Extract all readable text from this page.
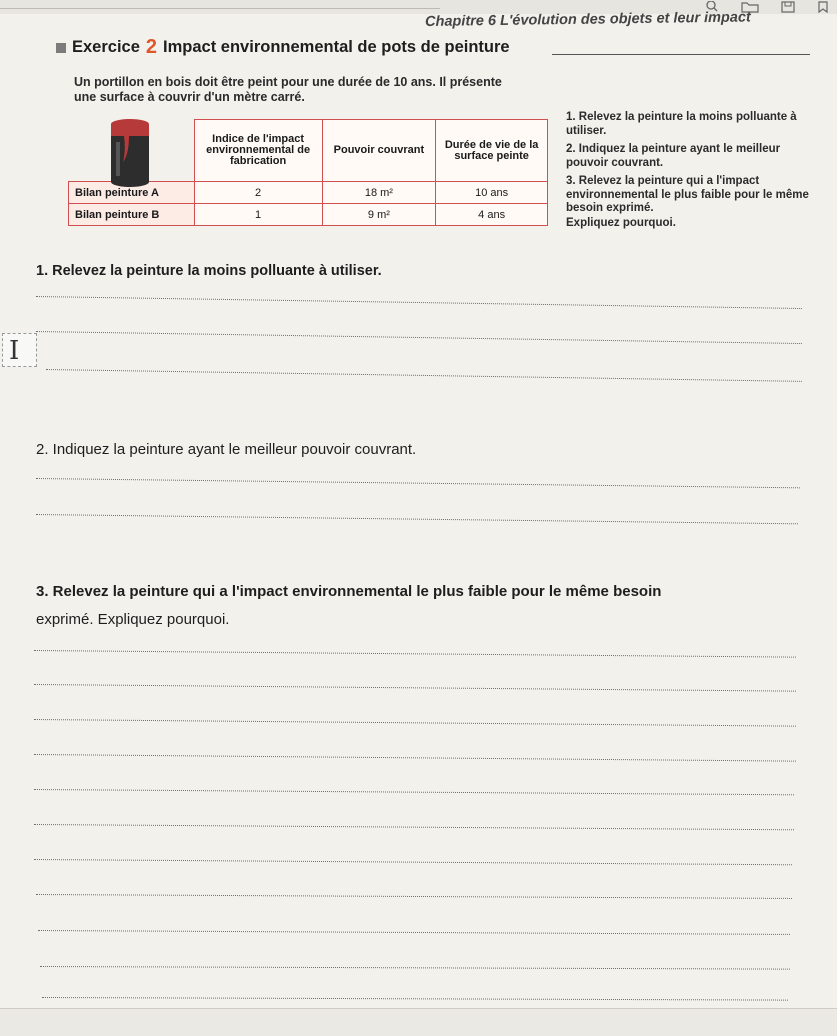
Chapitre 6 L'évolution des objets et leur impact
Exercice 2 Impact environnemental de pots de peinture
Un portillon en bois doit être peint pour une durée de 10 ans. Il présente
une surface à couvrir d'un mètre carré.
	Indice de l'impact environnemental de fabrication	Pouvoir couvrant	Durée de vie de la surface peinte
Bilan peinture A	2	18 m²	10 ans
Bilan peinture B	1	9 m²	4 ans

1. Relevez la peinture la moins polluante à utiliser.

2. Indiquez la peinture ayant le meilleur pouvoir couvrant.

3. Relevez la peinture qui a l'impact environnemental le plus faible pour le même besoin exprimé.

Expliquez pourquoi.

1. Relevez la peinture la moins polluante à utiliser.
I
2. Indiquez la peinture ayant le meilleur pouvoir couvrant.
3. Relevez la peinture qui a l'impact environnemental le plus faible pour le même besoin
exprimé. Expliquez pourquoi.
